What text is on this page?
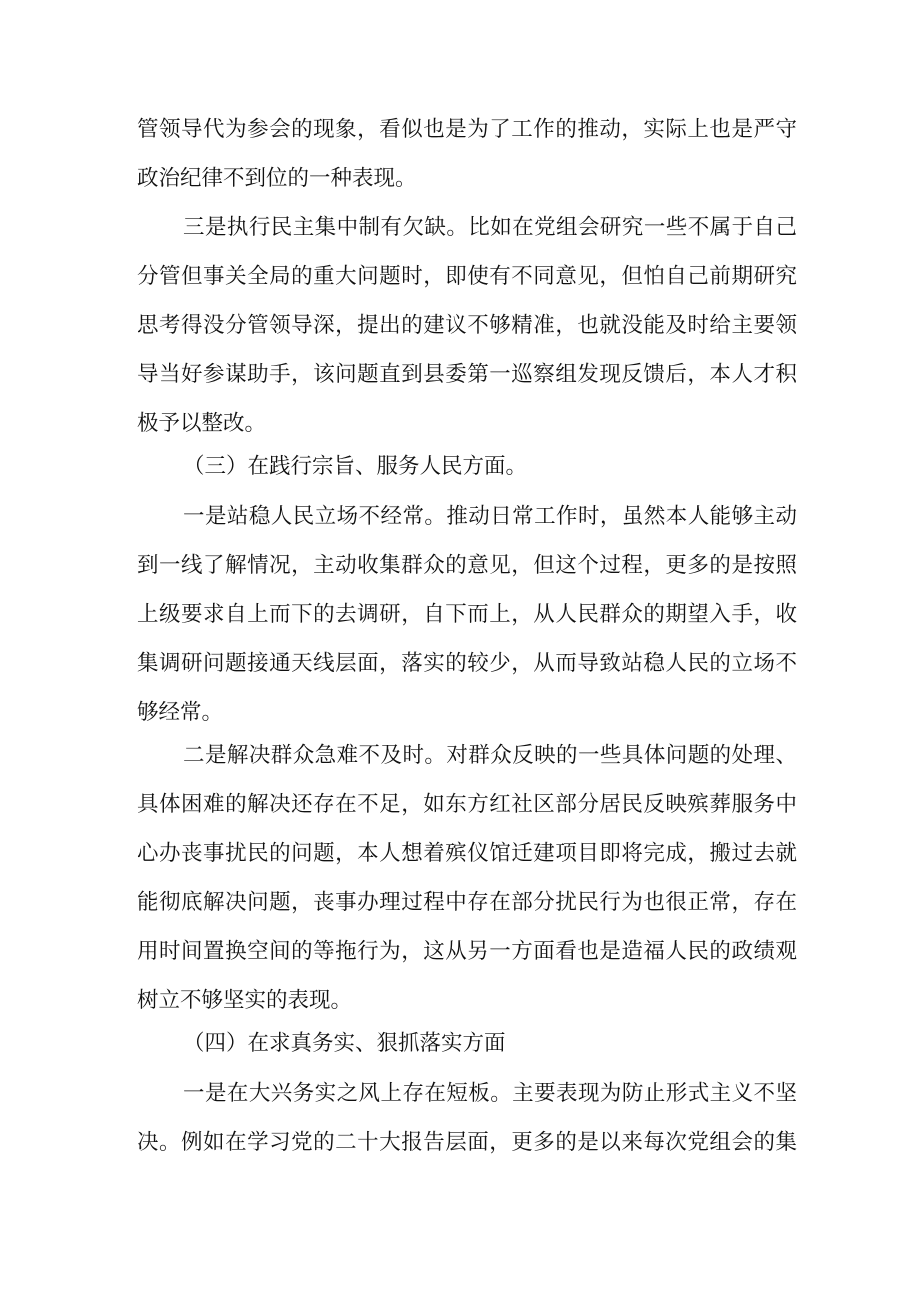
管领导代为参会的现象，看似也是为了工作的推动，实际上也是严守
政治纪律不到位的一种表现。
三是执行民主集中制有欠缺。比如在党组会研究一些不属于自己
分管但事关全局的重大问题时，即使有不同意见，但怕自己前期研究
思考得没分管领导深，提出的建议不够精准，也就没能及时给主要领
导当好参谋助手，该问题直到县委第一巡察组发现反馈后，本人才积
极予以整改。
（三）在践行宗旨、服务人民方面。
一是站稳人民立场不经常。推动日常工作时，虽然本人能够主动
到一线了解情况，主动收集群众的意见，但这个过程，更多的是按照
上级要求自上而下的去调研，自下而上，从人民群众的期望入手，收
集调研问题接通天线层面，落实的较少，从而导致站稳人民的立场不
够经常。
二是解决群众急难不及时。对群众反映的一些具体问题的处理、
具体困难的解决还存在不足，如东方红社区部分居民反映殡葬服务中
心办丧事扰民的问题，本人想着殡仪馆迁建项目即将完成，搬过去就
能彻底解决问题，丧事办理过程中存在部分扰民行为也很正常，存在
用时间置换空间的等拖行为，这从另一方面看也是造福人民的政绩观
树立不够坚实的表现。
（四）在求真务实、狠抓落实方面
一是在大兴务实之风上存在短板。主要表现为防止形式主义不坚
决。例如在学习党的二十大报告层面，更多的是以来每次党组会的集
